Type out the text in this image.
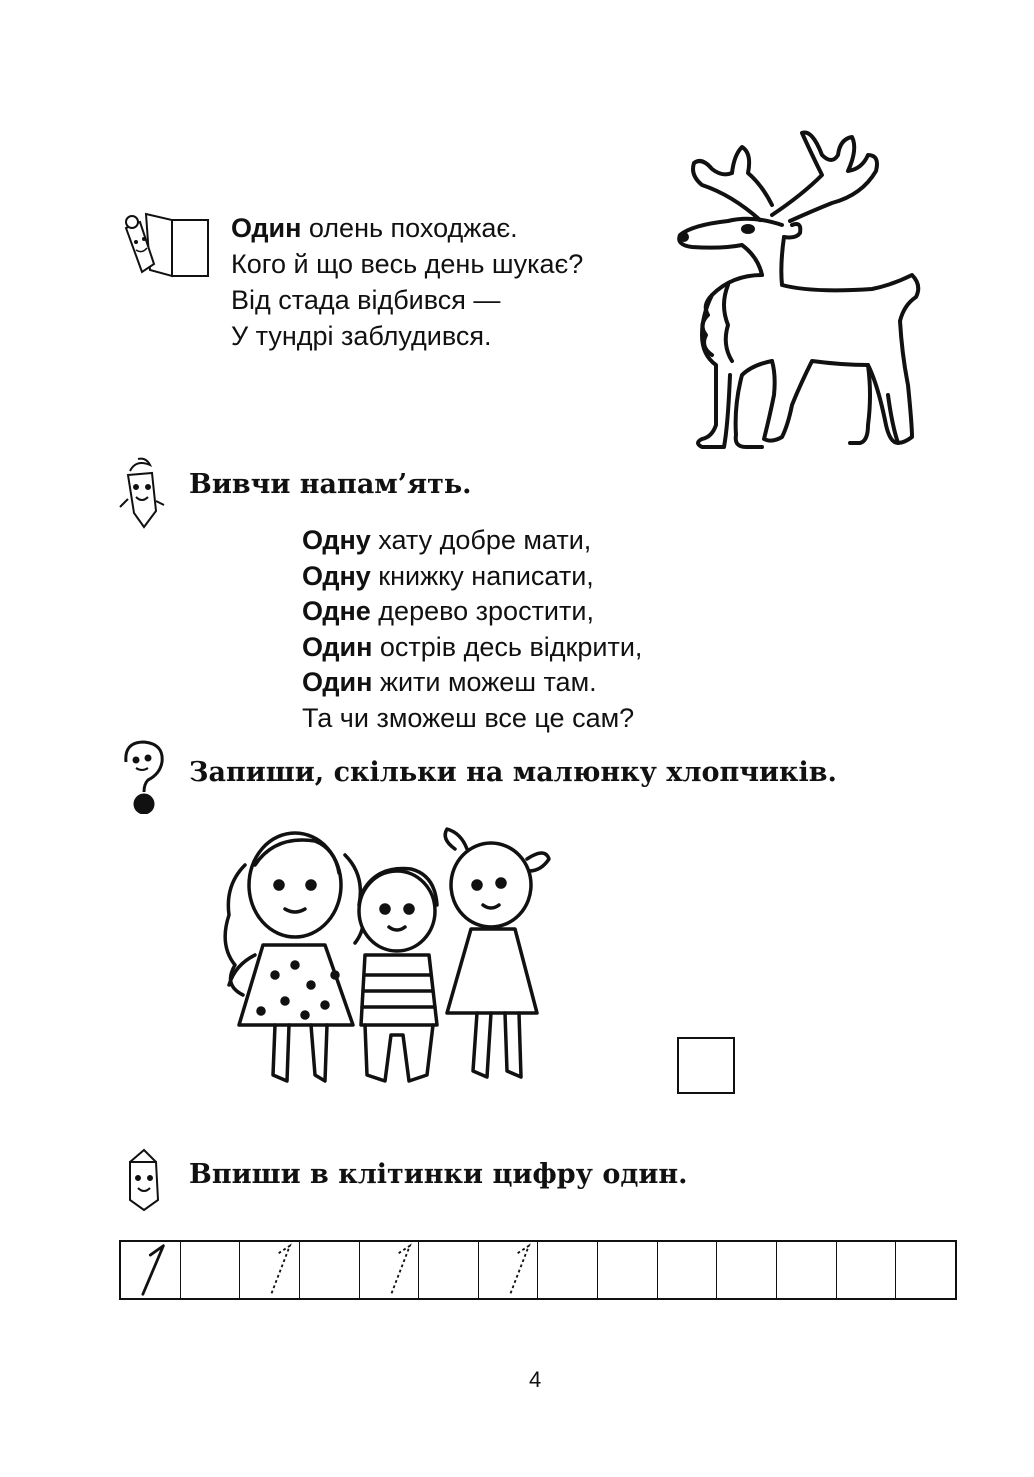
Один олень походжає.
Кого й що весь день шукає?
Від стада відбився —
У тундрі заблудився.
Вивчи напам’ять.
Одну хату добре мати,
Одну книжку написати,
Одне дерево зростити,
Один острів десь відкрити,
Один жити можеш там.
Та чи зможеш все це сам?
Запиши, скільки на малюнку хлопчиків.
Впиши в клітинки цифру один.
4
